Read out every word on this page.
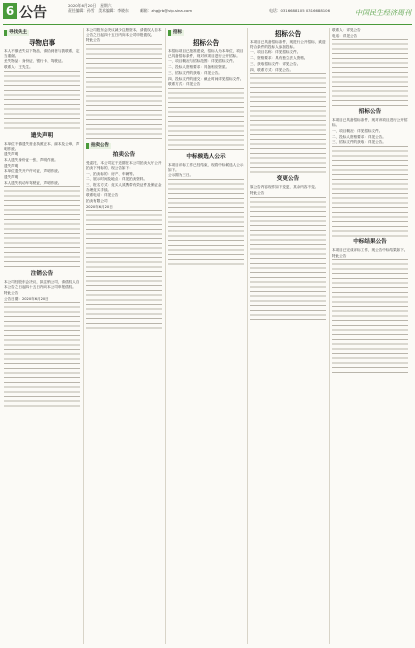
6 公告	2020年6月20日　星期六
责任编辑：孙雪　美术编辑：李晓东	邮箱：zhgjjrb@vip.sina.com	电话：0316688105 0316688106	中国民生经济周刊
寻找失主
寻物启事

本人不慎丢失以下物品，请拾到者与我联系，定当重谢。

丢失物品：身份证、银行卡、驾驶证。

联系人：王先生。

遗失声明

本单位不慎遗失营业执照正本、副本及公章，声明作废。

遗失声明

本人遗失身份证一张，声明作废。

遗失声明

本单位遗失开户许可证，声明作废。

遗失声明

本人遗失机动车驾驶证，声明作废。

注销公告

本公司经股东会决议，拟注销公司，请债权人自本公告之日起四十五日内向本公司申报债权。

特此公告

公告日期：2020年6月20日

本公司股东会决议减少注册资本，请债权人自本公告之日起四十五日内向本公司申报债权。

特此公告

拍卖公告
拍卖公告

受委托，本公司定于近期在本公司拍卖大厅公开拍卖下列标的，现公告如下：

一、拍卖标的：房产、车辆等。

二、展示时间及地点：详见拍卖资料。

三、报名方式：竞买人须携带有效证件及保证金办理竞买手续。

联系电话：详见公告

拍卖有限公司

2020年6月20日

招标
招标公告

本招标项目已批准建设，招标人为本单位，项目已具备招标条件，现对该项目进行公开招标。

一、项目概况与招标范围：详见招标文件。

二、投标人资格要求：具备相应资质。

三、招标文件的获取：详见公告。

四、投标文件的递交：截止时间详见招标文件。

联系方式：详见公告

中标候选人公示

本项目评标工作已经结束，现将中标候选人公示如下。

公示期为三日。

招标公告

本项目已具备招标条件，现进行公开招标，欢迎符合条件的投标人参加投标。

一、项目名称：详见招标文件。

二、资格要求：具有独立法人资格。

三、获取招标文件：详见公告。

四、联系方式：详见公告。

变更公告

原公告内容现作如下变更，其余内容不变。

特此公告

联系人：详见公告

电话：详见公告

招标公告

本项目已具备招标条件，现对该项目进行公开招标。

一、项目概况：详见招标文件。

二、投标人资格要求：详见公告。

三、招标文件的获取：详见公告。

中标结果公告

本项目已完成评标工作，现公告中标结果如下。

特此公告
